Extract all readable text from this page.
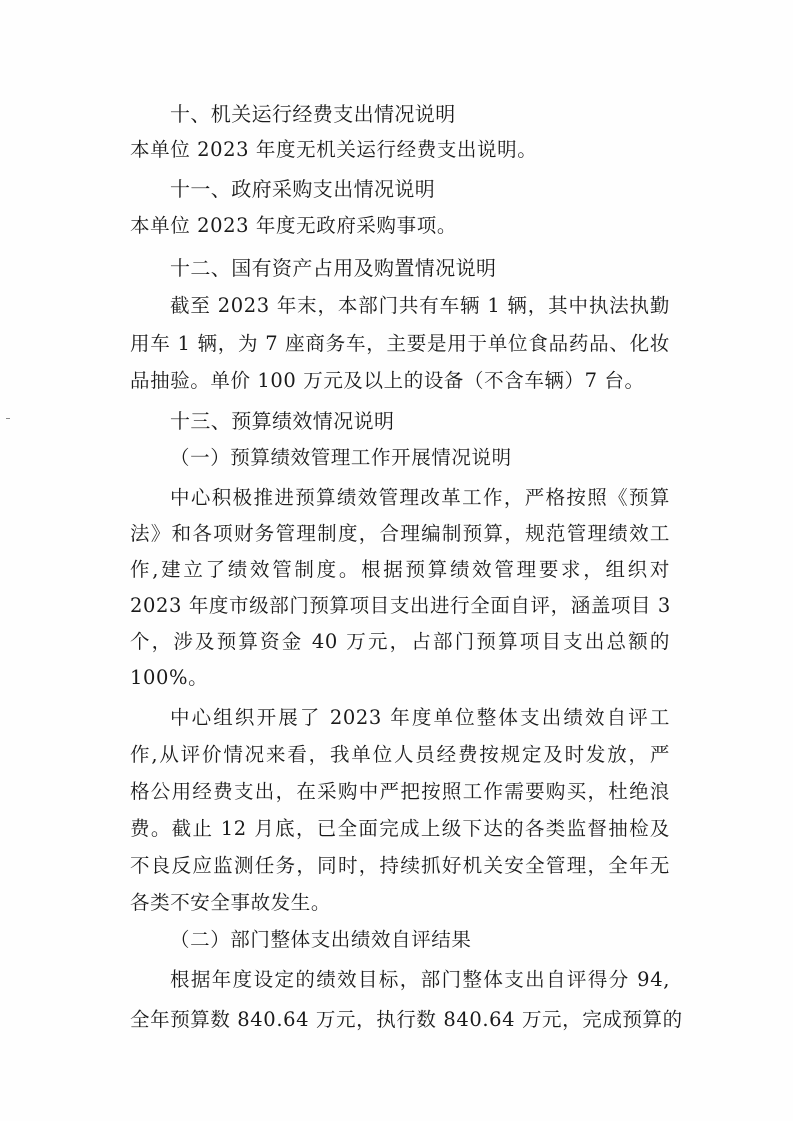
十、机关运行经费支出情况说明
本单位 2023 年度无机关运行经费支出说明。
十一、政府采购支出情况说明
本单位 2023 年度无政府采购事项。
十二、国有资产占用及购置情况说明
截至 2023 年末，本部门共有车辆 1 辆，其中执法执勤
用车 1 辆，为 7 座商务车，主要是用于单位食品药品、化妆
品抽验。单价 100 万元及以上的设备（不含车辆）7 台。
十三、预算绩效情况说明
（一）预算绩效管理工作开展情况说明
中心积极推进预算绩效管理改革工作，严格按照《预算
法》和各项财务管理制度，合理编制预算，规范管理绩效工
作,建立了绩效管制度。根据预算绩效管理要求，组织对
2023 年度市级部门预算项目支出进行全面自评，涵盖项目 3
个，涉及预算资金 40 万元，占部门预算项目支出总额的
100%。
中心组织开展了 2023 年度单位整体支出绩效自评工
作,从评价情况来看，我单位人员经费按规定及时发放，严
格公用经费支出，在采购中严把按照工作需要购买，杜绝浪
费。截止 12 月底，已全面完成上级下达的各类监督抽检及
不良反应监测任务，同时，持续抓好机关安全管理，全年无
各类不安全事故发生。
（二）部门整体支出绩效自评结果
根据年度设定的绩效目标，部门整体支出自评得分 94,
全年预算数 840.64 万元，执行数 840.64 万元，完成预算的
